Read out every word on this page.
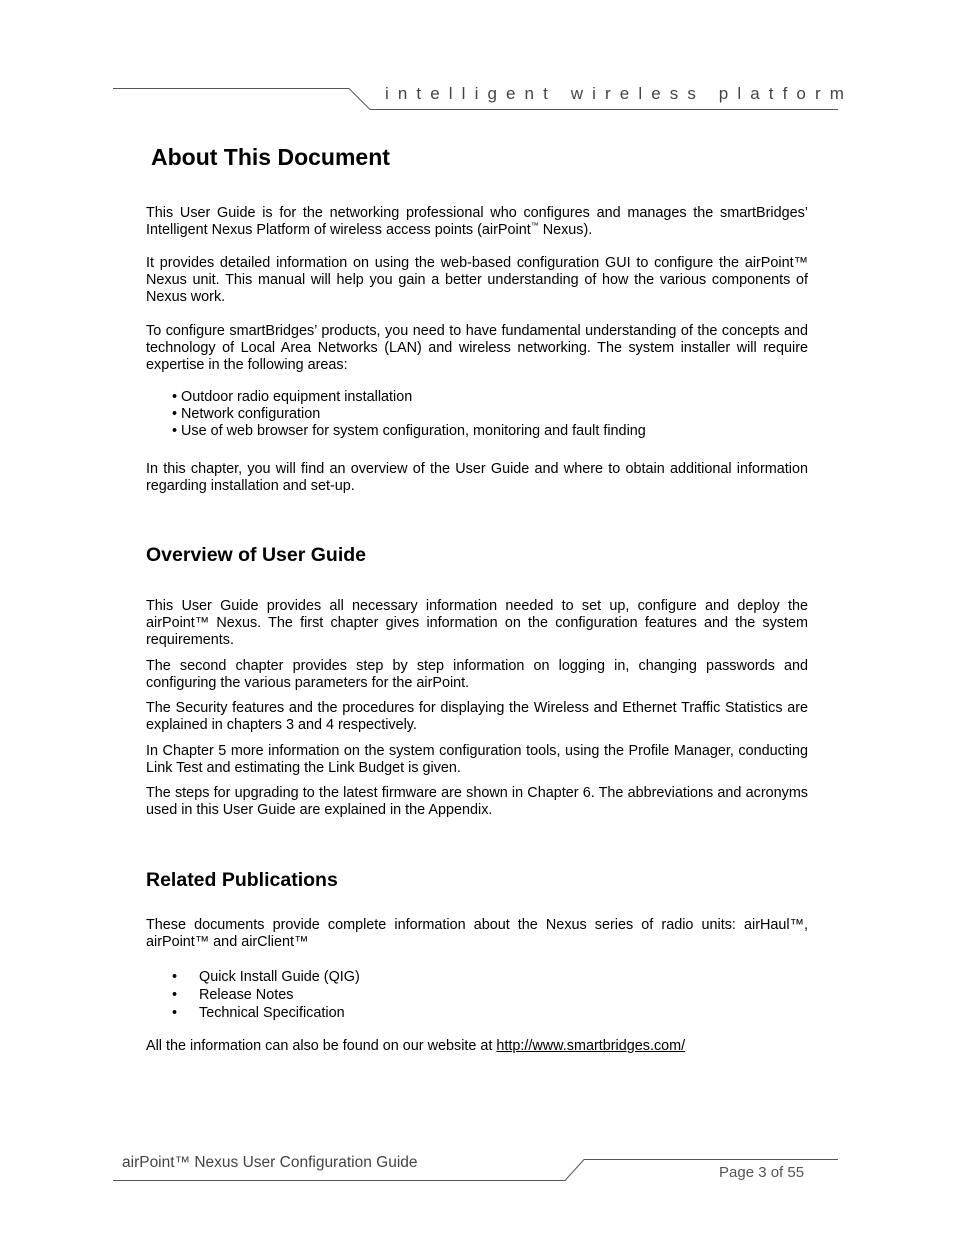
intelligent wireless platform
About This Document

This User Guide is for the networking professional who configures and manages the smartBridges’ Intelligent Nexus Platform of wireless access points (airPoint™ Nexus).

It provides detailed information on using the web-based configuration GUI to configure the airPoint™ Nexus unit. This manual will help you gain a better understanding of how the various components of Nexus work.

To configure smartBridges’ products, you need to have fundamental understanding of the concepts and technology of Local Area Networks (LAN) and wireless networking. The system installer will require expertise in the following areas:

• Outdoor radio equipment installation
• Network configuration
• Use of web browser for system configuration, monitoring and fault finding

In this chapter, you will find an overview of the User Guide and where to obtain additional information regarding installation and set-up.

Overview of User Guide

This User Guide provides all necessary information needed to set up, configure and deploy the airPoint™ Nexus. The first chapter gives information on the configuration features and the system requirements.

The second chapter provides step by step information on logging in, changing passwords and configuring the various parameters for the airPoint.

The Security features and the procedures for displaying the Wireless and Ethernet Traffic Statistics are explained in chapters 3 and 4 respectively.

In Chapter 5 more information on the system configuration tools, using the Profile Manager, conducting Link Test and estimating the Link Budget is given.

The steps for upgrading to the latest firmware are shown in Chapter 6. The abbreviations and acronyms used in this User Guide are explained in the Appendix.

Related Publications

These documents provide complete information about the Nexus series of radio units: airHaul™, airPoint™ and airClient™

• Quick Install Guide (QIG)
• Release Notes
• Technical Specification

All the information can also be found on our website at http://www.smartbridges.com/

airPoint™ Nexus User Configuration Guide
Page 3 of 55
